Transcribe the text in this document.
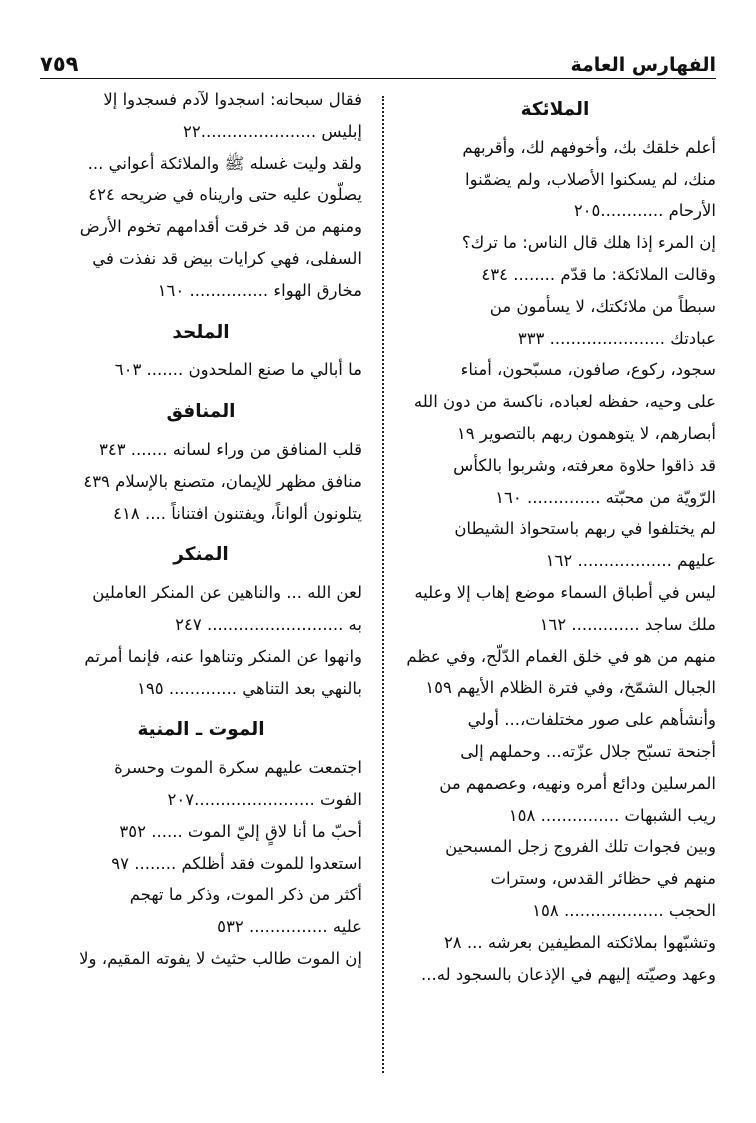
الفهارس العامة
٧٥٩
الملائكة
أعلم خلقك بك، وأخوفهم لك، وأقربهم
منك، لم يسكنوا الأصلاب، ولم يضمّنوا
الأرحام ............٢٠٥
إن المرء إذا هلك قال الناس: ما ترك؟
وقالت الملائكة: ما قدّم ........ ٤٣٤
سبطاً من ملائكتك، لا يسأمون من
عبادتك ...................... ٣٣٣
سجود، ركوع، صافون، مسبّحون، أمناء
على وحيه، حفظه لعباده، ناكسة من دون الله
أبصارهم، لا يتوهمون ربهم بالتصوير ١٩
قد ذاقوا حلاوة معرفته، وشربوا بالكأس
الرّويّة من محبّته .............. ١٦٠
لم يختلفوا في ربهم باستحواذ الشيطان
عليهم .................. ١٦٢
ليس في أطباق السماء موضع إهاب إلا وعليه
ملك ساجد ............. ١٦٢
منهم من هو في خلق الغمام الدّلّح، وفي عظم
الجبال الشمّخ، وفي فترة الظلام الأيهم ١٥٩
وأنشأهم على صور مختلفات،... أولي
أجنحة تسبّح جلال عزّته... وحملهم إلى
المرسلين ودائع أمره ونهيه، وعصمهم من
ريب الشبهات ............... ١٥٨
وبين فجوات تلك الفروج زجل المسبحين
منهم في حظائر القدس، وسترات
الحجب ................... ١٥٨
وتشبّهوا بملائكته المطيفين بعرشه ... ٢٨
وعهد وصيّته إليهم في الإذعان بالسجود له...
فقال سبحانه: اسجدوا لآدم فسجدوا إلا
إبليس ......................٢٢
ولقد وليت غسله ﷺ والملائكة أعواني ...
يصلّون عليه حتى واريناه في ضريحه ٤٢٤
ومنهم من قد خرقت أقدامهم تخوم الأرض
السفلى، فهي كرايات بيض قد نفذت في
مخارق الهواء ............... ١٦٠
الملحد
ما أبالي ما صنع الملحدون ....... ٦٠٣
المنافق
قلب المنافق من وراء لسانه ....... ٣٤٣
منافق مظهر للإيمان، متصنع بالإسلام ٤٣٩
يتلونون ألواناً، ويفتنون افتناناً .... ٤١٨
المنكر
لعن الله ... والناهين عن المنكر العاملين
به .......................... ٢٤٧
وانهوا عن المنكر وتناهوا عنه، فإنما أمرتم
بالنهي بعد التناهي ............. ١٩٥
الموت ـ المنية
اجتمعت عليهم سكرة الموت وحسرة
الفوت .......................٢٠٧
أحبّ ما أنا لاقٍ إليّ الموت ...... ٣٥٢
استعدوا للموت فقد أظلكم ........ ٩٧
أكثر من ذكر الموت، وذكر ما تهجم
عليه ............... ٥٣٢
إن الموت طالب حثيث لا يفوته المقيم، ولا
